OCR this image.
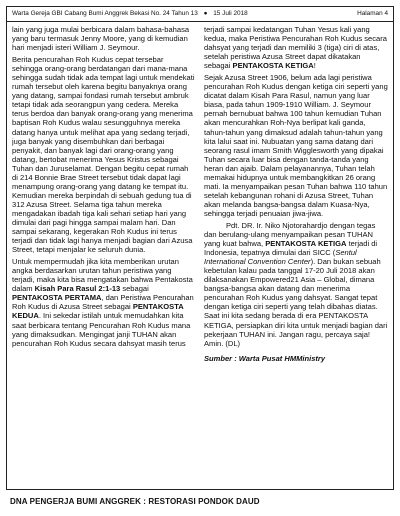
Warta Gereja GBI Cabang Bumi Anggrek Bekasi No. 24 Tahun 13 ● 15 Juli 2018	Halaman 4

lain yang juga mulai berbicara dalam bahasa-bahasa yang baru termasuk Jenny Moore, yang di kemudian hari menjadi isteri William J. Seymour.

Berita pencurahan Roh Kudus cepat tersebar sehingga orang-orang berdatangan dari mana-mana sehingga sudah tidak ada tempat lagi untuk mendekati rumah tersebut oleh karena begitu banyaknya orang yang datang, sampai fondasi rumah tersebut ambruk tetapi tidak ada seorangpun yang cedera. Mereka terus berdoa dan banyak orang-orang yang menerima baptisan Roh Kudus walau sesungguhnya mereka datang hanya untuk melihat apa yang sedang terjadi, juga banyak yang disembuhkan dari berbagai penyakit, dan banyak lagi dari orang-orang yang datang, bertobat menerima Yesus Kristus sebagai Tuhan dan Juruselamat. Dengan begitu cepat rumah di 214 Bonnie Brae Street tersebut tidak dapat lagi menampung orang-orang yang datang ke tempat itu. Kemudian mereka berpindah di sebuah gedung tua di 312 Azusa Street. Selama tiga tahun mereka mengadakan ibadah tiga kali sehari setiap hari yang dimulai dari pagi hingga sampai malam hari. Dan sampai sekarang, kegerakan Roh Kudus ini terus terjadi dan tidak lagi hanya menjadi bagian dari Azusa Street, tetapi menjalar ke seluruh dunia.

Untuk mempermudah jika kita memberikan urutan angka berdasarkan urutan tahun peristiwa yang terjadi, maka kita bisa mengatakan bahwa Pentakosta dalam Kisah Para Rasul 2:1-13 sebagai PENTAKOSTA PERTAMA, dan Peristiwa Pencurahan Roh Kudus di Azusa Street sebagai PENTAKOSTA KEDUA. Ini sekedar istilah untuk memudahkan kita saat berbicara tentang Pencurahan Roh Kudus mana yang dimaksudkan. Mengingat janji TUHAN akan pencurahan Roh Kudus secara dahsyat masih terus

terjadi sampai kedatangan Tuhan Yesus kali yang kedua, maka Peristiwa Pencurahan Roh Kudus secara dahsyat yang terjadi dan memiliki 3 (tiga) ciri di atas, setelah peristiwa Azusa Street dapat dikatakan sebagai PENTAKOSTA KETIGA!

Sejak Azusa Street 1906, belum ada lagi peristiwa pencurahan Roh Kudus dengan ketiga ciri seperti yang dicatat dalam Kisah Para Rasul, namun yang luar biasa, pada tahun 1909-1910 William. J. Seymour pernah bernubuat bahwa 100 tahun kemudian Tuhan akan mencurahkan Roh-Nya berlipat kali ganda, tahun-tahun yang dimaksud adalah tahun-tahun yang kita lalui saat ini. Nubuatan yang sama datang dari seorang rasul imam Smith Wigglesworth yang dipakai Tuhan secara luar bisa dengan tanda-tanda yang heran dan ajaib. Dalam pelayanannya, Tuhan telah memakai hidupnya untuk membangkitkan 26 orang mati. Ia menyampaikan pesan Tuhan bahwa 110 tahun setelah kebangunan rohani di Azusa Street, Tuhan akan melanda bangsa-bangsa dalam Kuasa-Nya, sehingga terjadi penuaian jiwa-jiwa.

Pdt. DR. Ir. Niko Njotorahardjo dengan tegas dan berulang-ulang menyampaikan pesan TUHAN yang kuat bahwa, PENTAKOSTA KETIGA terjadi di Indonesia, tepatnya dimulai dari SICC (Sentul International Convention Center). Dan bukan sebuah kebetulan kalau pada tanggal 17-20 Juli 2018 akan dilaksanakan Empowered21 Asia – Global, dimana bangsa-bangsa akan datang dan menerima pencurahan Roh Kudus yang dahsyat. Sangat tepat dengan ketiga ciri seperti yang telah dibahas diatas. Saat ini kita sedang berada di era PENTAKOSTA KETIGA, persiapkan diri kita untuk menjadi bagian dari pekerjaan TUHAN ini. Jangan ragu, percaya saja! Amin. (DL)

Sumber : Warta Pusat HMMinistry

DNA PENGERJA BUMI ANGGREK : RESTORASI PONDOK DAUD
